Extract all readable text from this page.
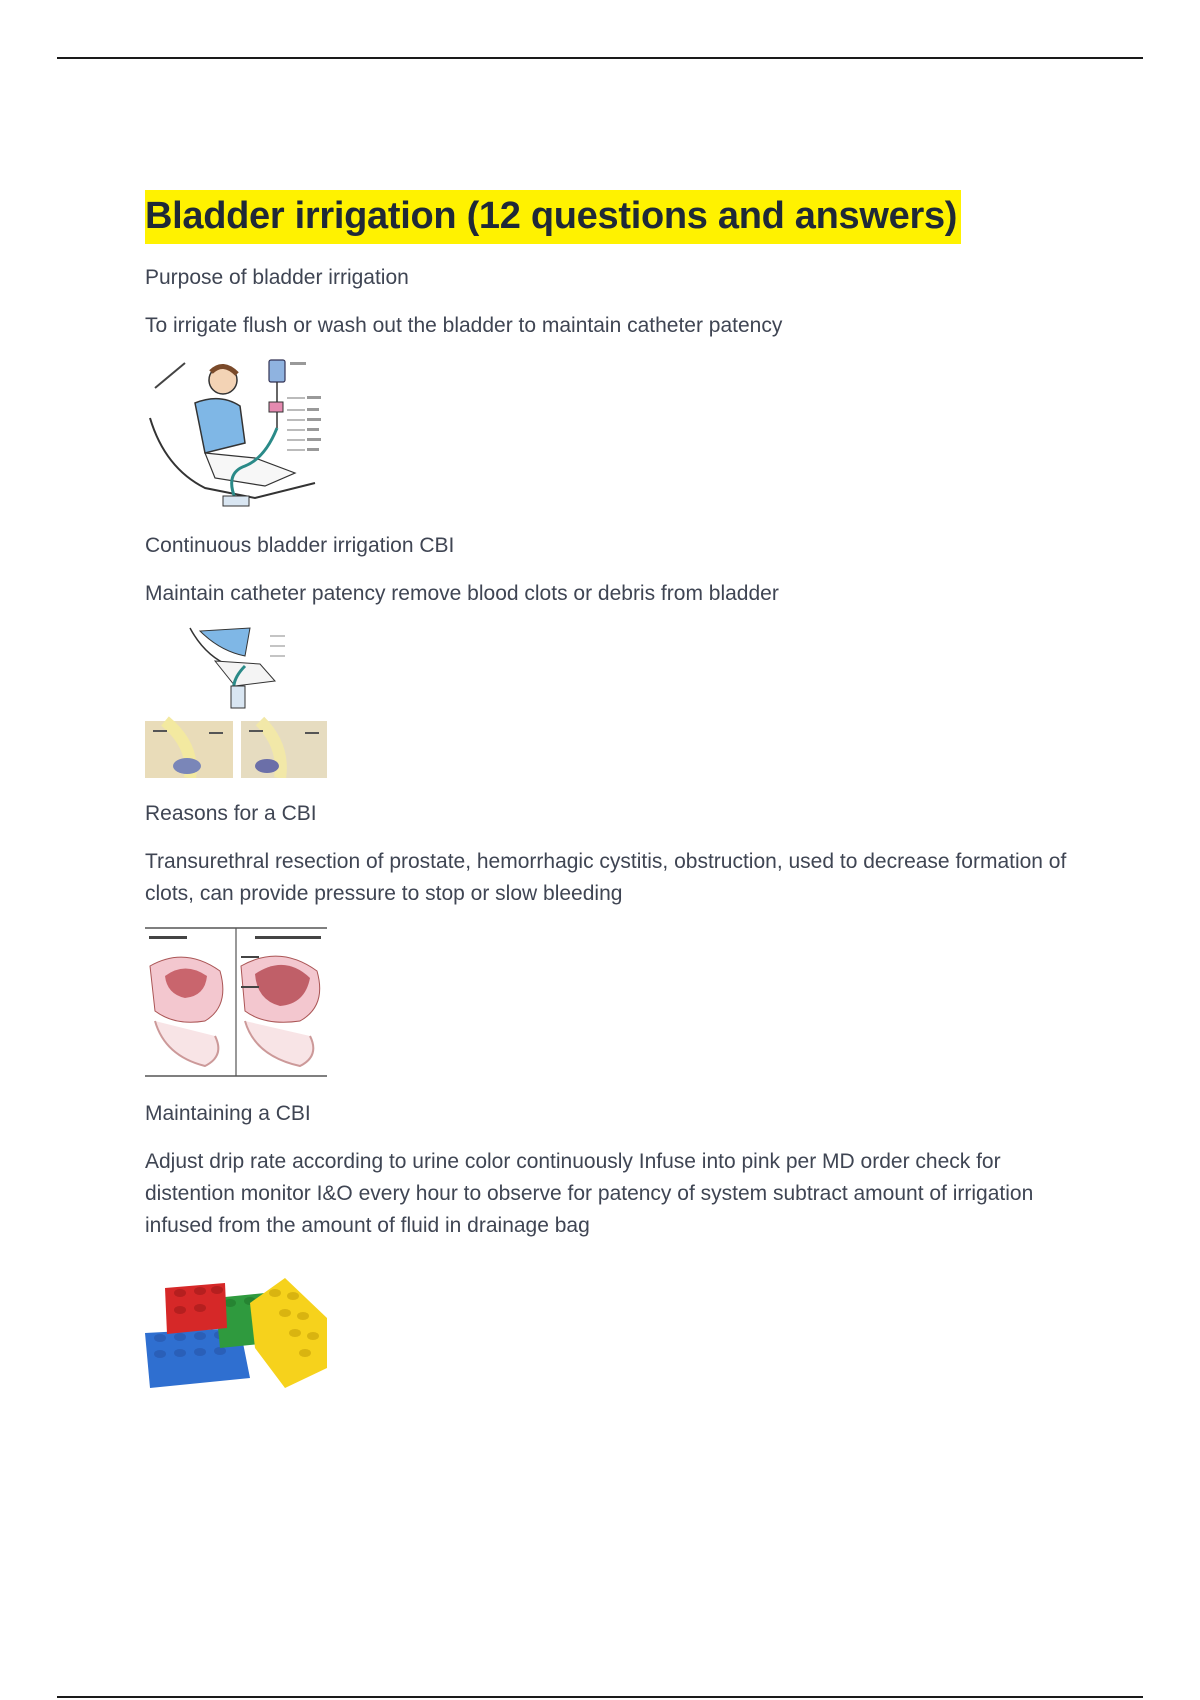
Bladder irrigation (12 questions and answers)

Purpose of bladder irrigation

To irrigate flush or wash out the bladder to maintain catheter patency

Continuous bladder irrigation CBI

Maintain catheter patency remove blood clots or debris from bladder

Reasons for a CBI

Transurethral resection of prostate, hemorrhagic cystitis, obstruction, used to decrease formation of clots, can provide pressure to stop or slow bleeding

Maintaining a CBI

Adjust drip rate according to urine color continuously Infuse into pink per MD order check for distention monitor I&O every hour to observe for patency of system subtract amount of irrigation infused from the amount of fluid in drainage bag
